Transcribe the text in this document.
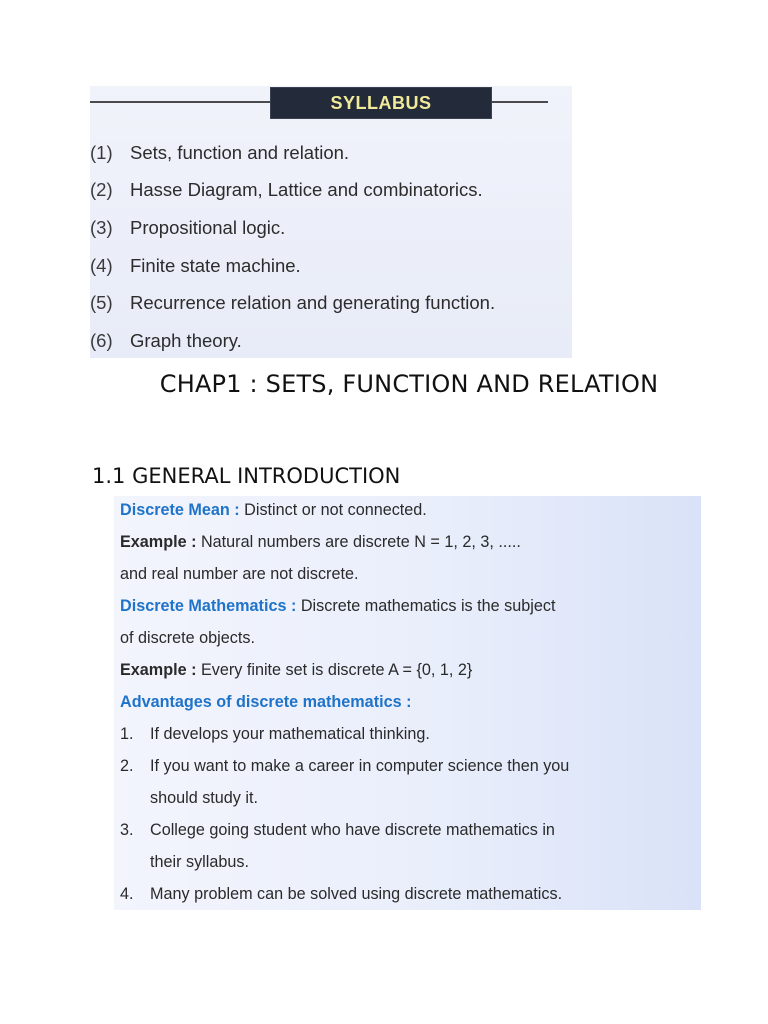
SYLLABUS
(1) Sets, function and relation.
(2) Hasse Diagram, Lattice and combinatorics.
(3) Propositional logic.
(4) Finite state machine.
(5) Recurrence relation and generating function.
(6) Graph theory.
CHAP1 : SETS, FUNCTION AND RELATION
1.1 GENERAL INTRODUCTION
Discrete Mean : Distinct or not connected.
Example : Natural numbers are discrete N = 1, 2, 3, .....
and real number are not discrete.
Discrete Mathematics : Discrete mathematics is the subject
of discrete objects.
Example : Every finite set is discrete A = {0, 1, 2}
Advantages of discrete mathematics :
1. If develops your mathematical thinking.
2. If you want to make a career in computer science then you
should study it.
3. College going student who have discrete mathematics in
their syllabus.
4. Many problem can be solved using discrete mathematics.
